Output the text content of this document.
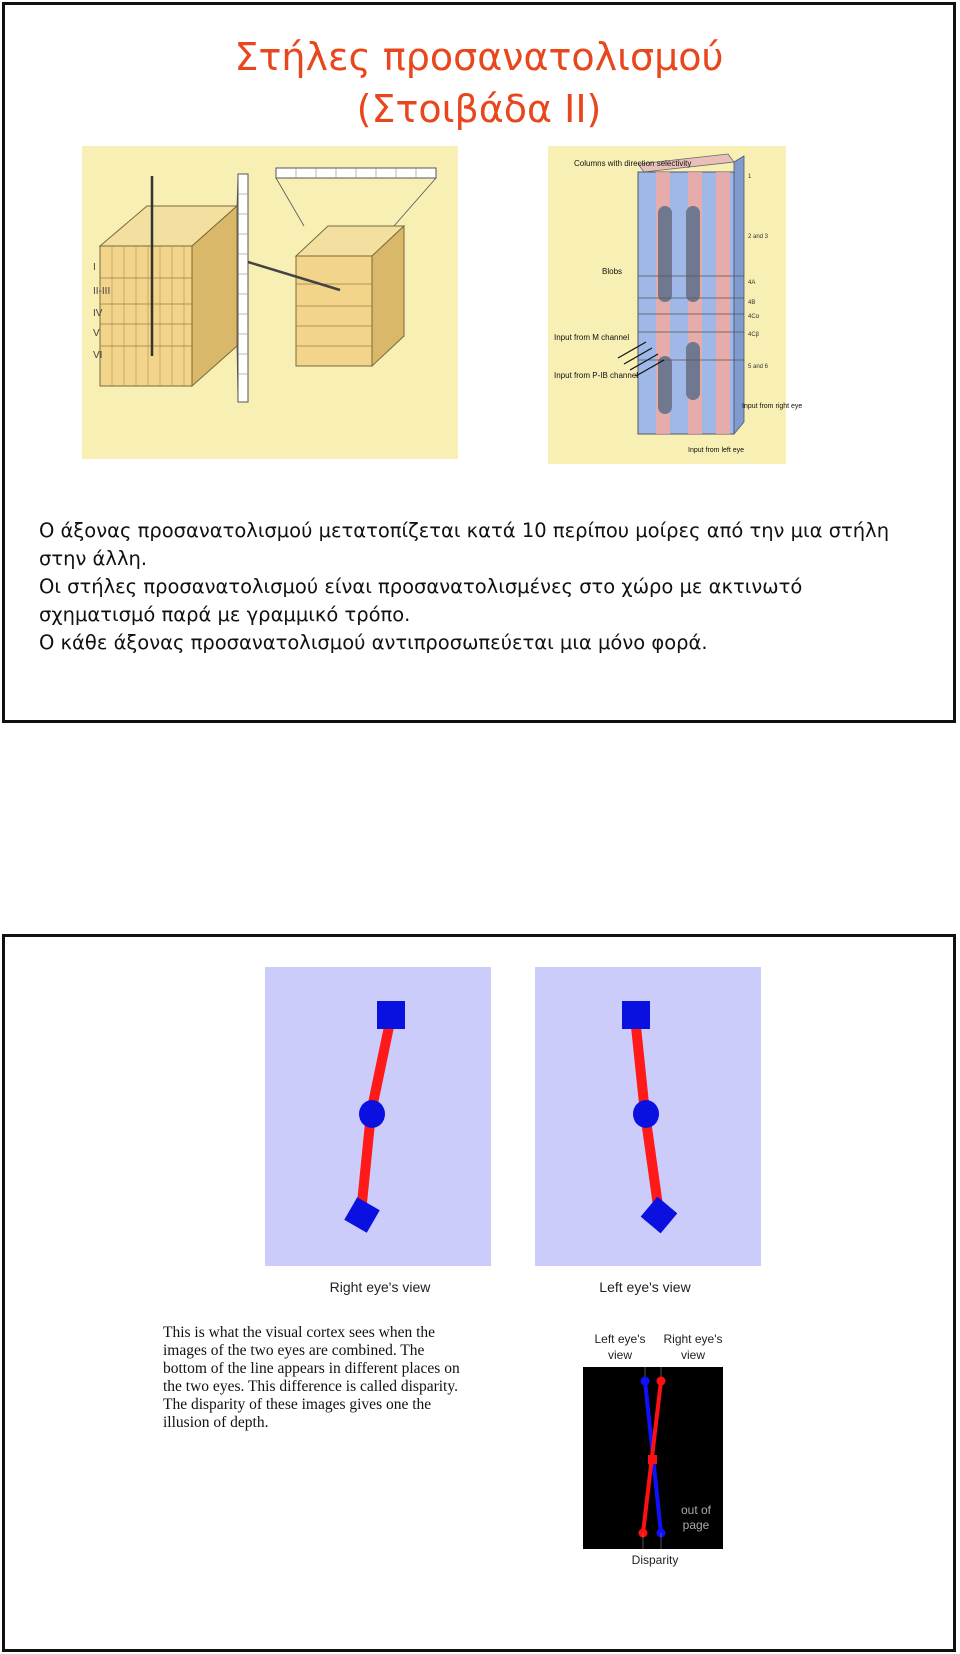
Στήλες προσανατολισμού
(Στοιβάδα ΙΙ)
I
II-III
IV
V
VI
Columns with direction selectivity
Blobs
Input from M channel
Input from P-IB channel
Input from right eye
Input from left eye
1
2 and 3
4A
4B
4Cα
4Cβ
5 and 6

Ο άξονας προσανατολισμού μετατοπίζεται κατά 10 περίπου μοίρες από την μια στήλη στην άλλη.

Οι στήλες προσανατολισμού είναι προσανατολισμένες στο χώρο με ακτινωτό σχηματισμό παρά με γραμμικό τρόπο.

Ο κάθε άξονας προσανατολισμού αντιπροσωπεύεται μια μόνο φορά.

Right eye's view	Left eye's view

This is what the visual cortex sees when the

images of the two eyes are combined. The

bottom of the line appears in different places on

the two eyes. This difference is called disparity.

The disparity of these images gives one the

illusion of depth.

Left eye's view
Right eye's view
out of page
Disparity
